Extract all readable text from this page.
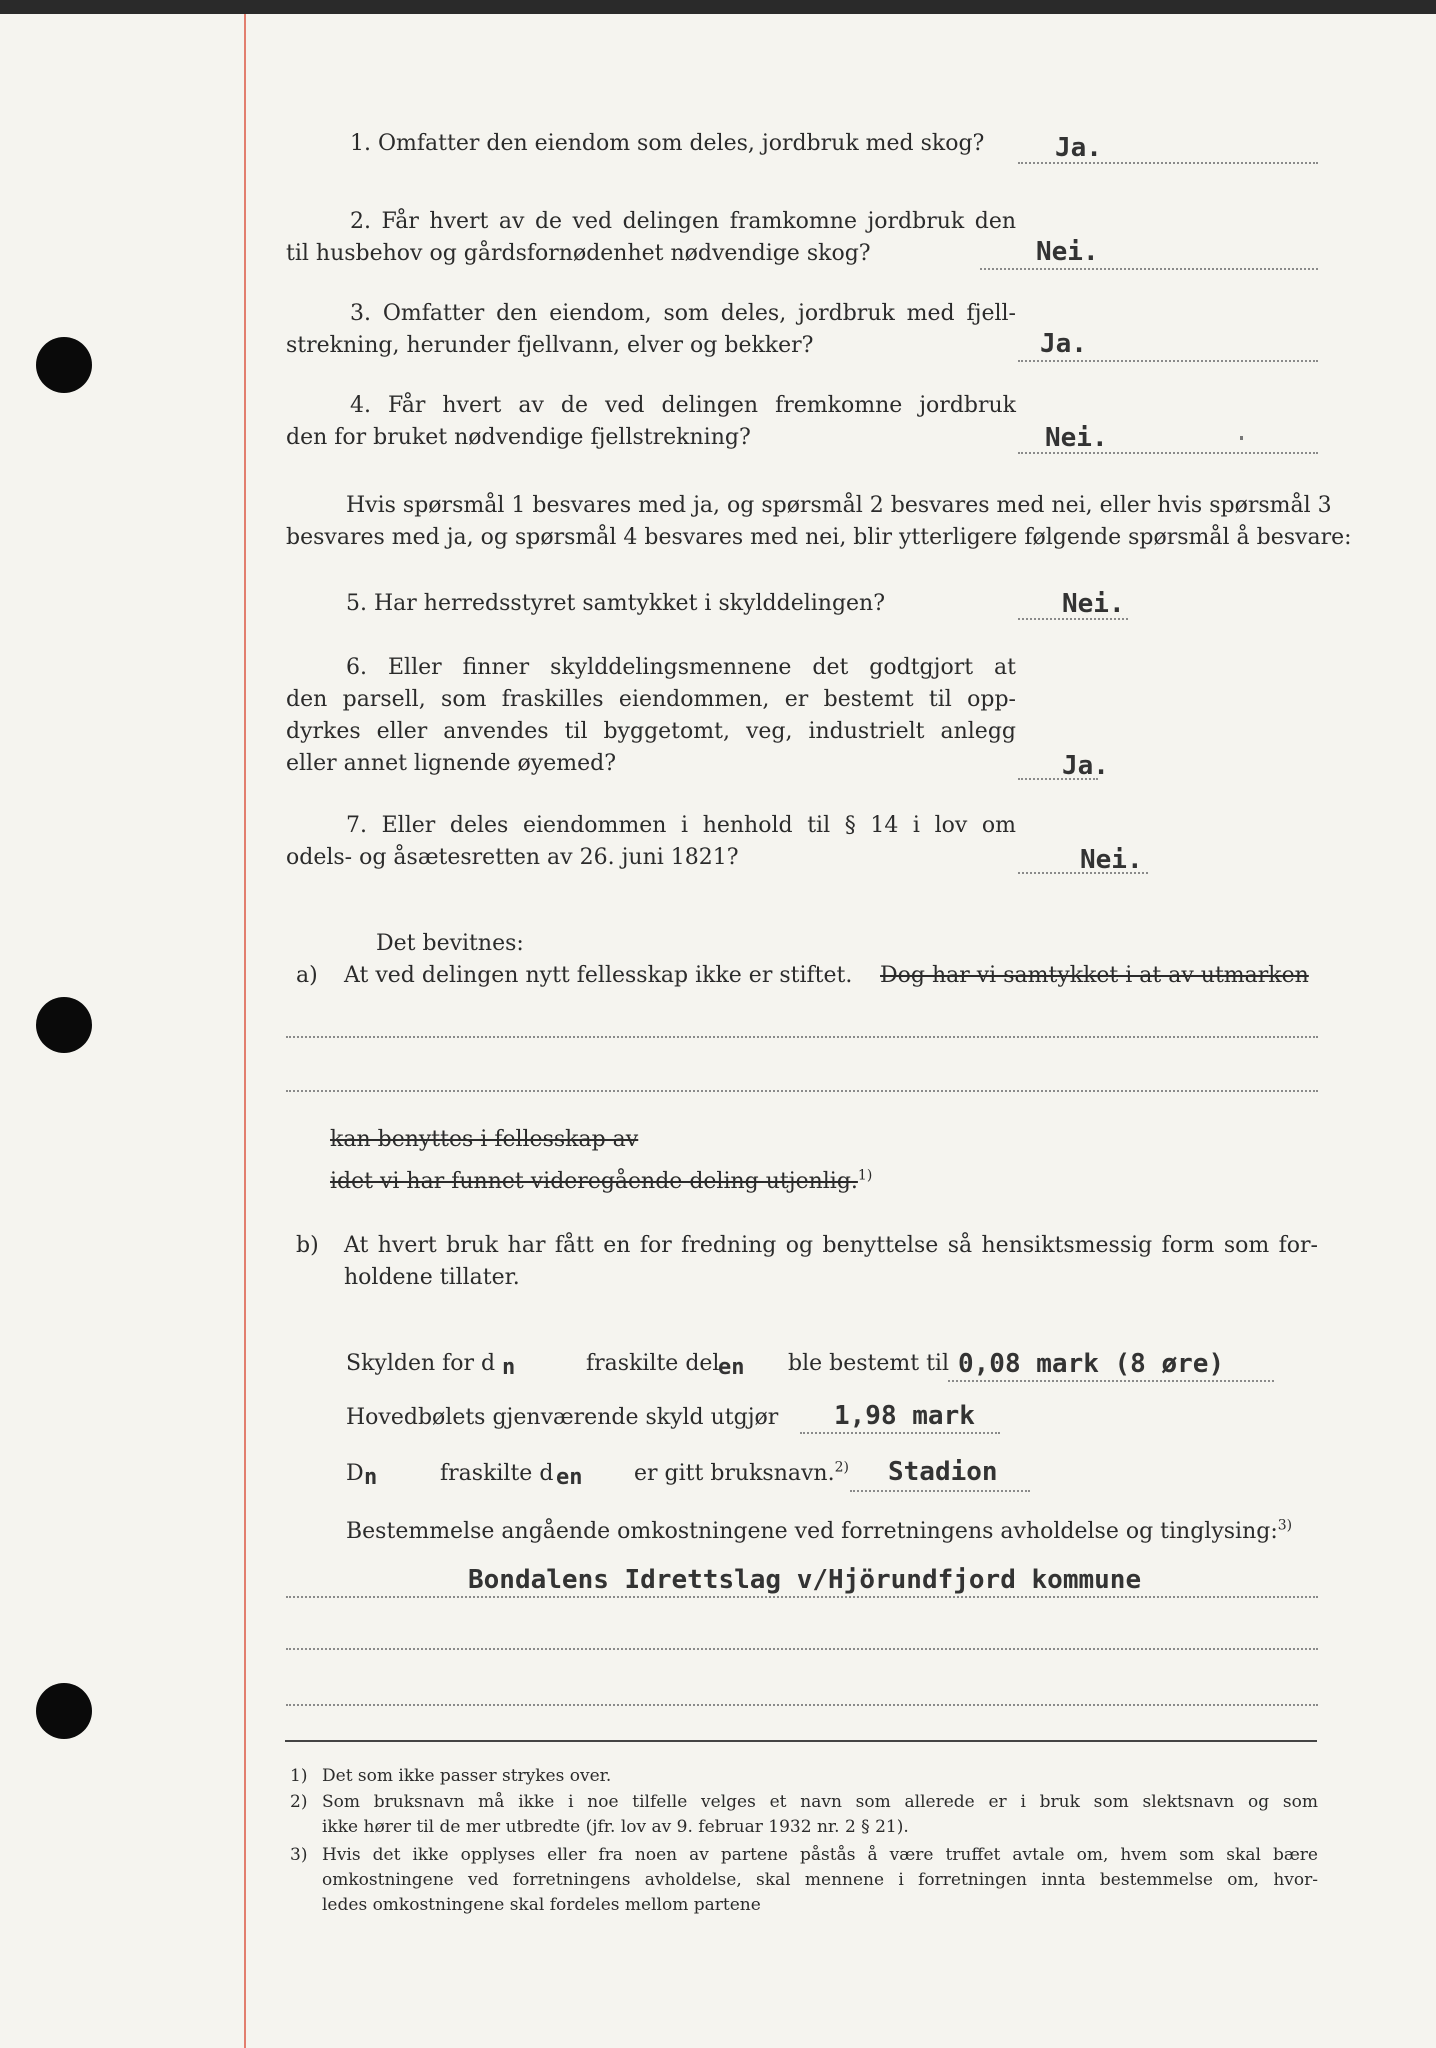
1. Omfatter den eiendom som deles, jordbruk med skog?	Ja.
2. Får hvert av de ved delingen framkomne jordbruk den
til husbehov og gårdsfornødenhet nødvendige skog?	Nei.
3. Omfatter den eiendom, som deles, jordbruk med fjell-
strekning, herunder fjellvann, elver og bekker?	Ja.
4. Får hvert av de ved delingen fremkomne jordbruk
den for bruket nødvendige fjellstrekning?	Nei.
Hvis spørsmål 1 besvares med ja, og spørsmål 2 besvares med nei, eller hvis spørsmål 3
besvares med ja, og spørsmål 4 besvares med nei, blir ytterligere følgende spørsmål å besvare:
5. Har herredsstyret samtykket i skylddelingen?	Nei.
6. Eller finner skylddelingsmennene det godtgjort at
den parsell, som fraskilles eiendommen, er bestemt til opp-
dyrkes eller anvendes til byggetomt, veg, industrielt anlegg
eller annet lignende øyemed?	Ja.
7. Eller deles eiendommen i henhold til § 14 i lov om
odels- og åsætesretten av 26. juni 1821?	Nei.
Det bevitnes:
a) At ved delingen nytt fellesskap ikke er stiftet. Dog har vi samtykket i at av utmarken
kan benyttes i fellesskap av
idet vi har funnet videregående deling utjenlig.$^{1)}$
b) At hvert bruk har fått en for fredning og benyttelse så hensiktsmessig form som for-
holdene tillater.
Skylden for d n	fraskilte del
en ble bestemt til 0,08 mark (8 øre)
Hovedbølets gjenværende skyld utgjør 1,98 mark
D n	fraskilte d en er gitt bruksnavn.$^{2)}$ Stadion
Bestemmelse angående omkostningene ved forretningens avholdelse og tinglysing:$^{3)}$
Bondalens Idrettslag v/Hjörundfjord kommune
1) Det som ikke passer strykes over.
2) Som bruksnavn må ikke i noe tilfelle velges et navn som allerede er i bruk som slektsnavn og som
ikke hører til de mer utbredte (jfr. lov av 9. februar 1932 nr. 2 § 21).
3) Hvis det ikke opplyses eller fra noen av partene påstås å være truffet avtale om, hvem som skal bære
omkostningene ved forretningens avholdelse, skal mennene i forretningen innta bestemmelse om, hvor-
ledes omkostningene skal fordeles mellom partene
